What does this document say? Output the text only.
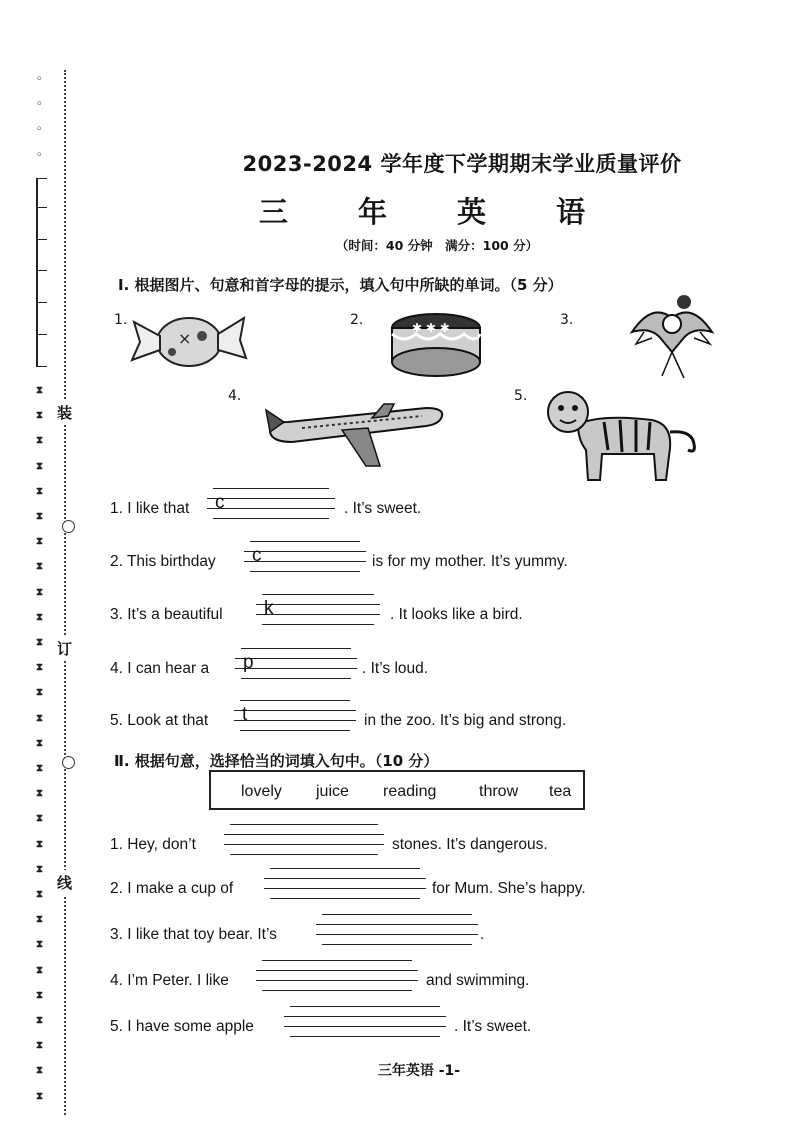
◦
◦
◦
◦
⧗
⧗
⧗
⧗
⧗
⧗
⧗
⧗
⧗
⧗
⧗
⧗
⧗
⧗
⧗
⧗
⧗
⧗
⧗
⧗
⧗
⧗
⧗
⧗
⧗
⧗
⧗
⧗
⧗
装
订
线
2023-2024 学年度下学期期末学业质量评价
三 年 英 语
（时间：40 分钟　满分：100 分）
Ⅰ. 根据图片、句意和首字母的提示，填入句中所缺的单词。（5 分）
1.
×
2.	✱ ✱ ✱	3.
4.	5.
1. I like that c	. It’s sweet.
2. This birthday c	is for my mother. It’s yummy.
3. It’s a beautiful k	. It looks like a bird.
4. I can hear a p	. It’s loud.
5. Look at that t	in the zoo. It’s big and strong.
Ⅱ. 根据句意，选择恰当的词填入句中。（10 分）
lovely juice reading	throw tea
1. Hey, don’t	stones. It’s dangerous.
2. I make a cup of	for Mum. She’s happy.
3. I like that toy bear. It’s	.
4. I’m Peter. I like	and swimming.
5. I have some apple	. It’s sweet.
三年英语 -1-
